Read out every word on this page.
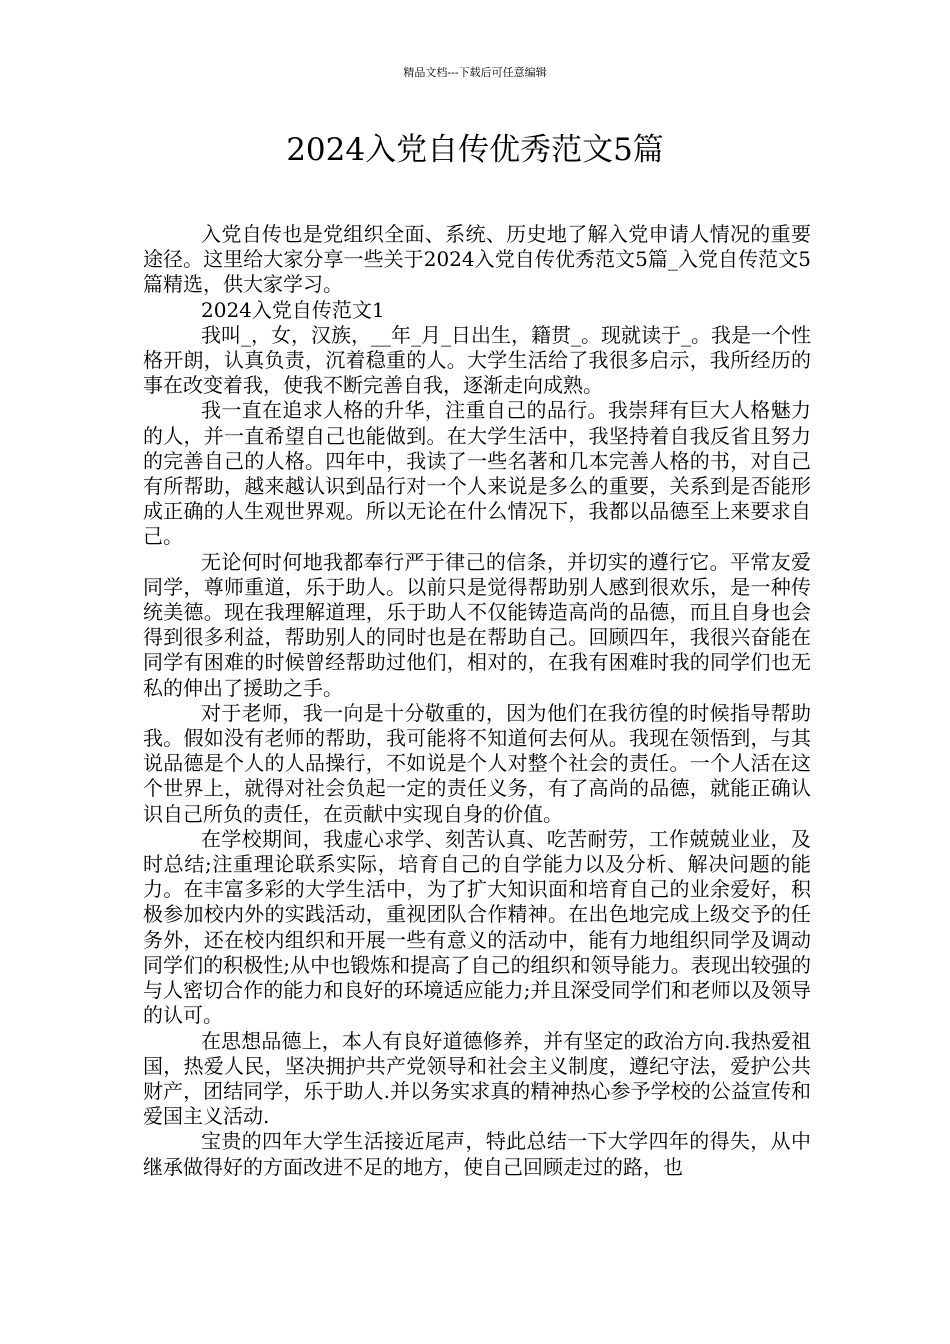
精品文档---下载后可任意编辑
2024入党自传优秀范文5篇

入党自传也是党组织全面、系统、历史地了解入党申请人情况的重要途径。这里给大家分享一些关于2024入党自传优秀范文5篇_入党自传范文5篇精选，供大家学习。

2024入党自传范文1

我叫_，女，汉族，__年_月_日出生，籍贯_。现就读于_。我是一个性格开朗，认真负责，沉着稳重的人。大学生活给了我很多启示，我所经历的事在改变着我，使我不断完善自我，逐渐走向成熟。

我一直在追求人格的升华，注重自己的品行。我崇拜有巨大人格魅力的人，并一直希望自己也能做到。在大学生活中，我坚持着自我反省且努力的完善自己的人格。四年中，我读了一些名著和几本完善人格的书，对自己有所帮助，越来越认识到品行对一个人来说是多么的重要，关系到是否能形成正确的人生观世界观。所以无论在什么情况下，我都以品德至上来要求自己。

无论何时何地我都奉行严于律己的信条，并切实的遵行它。平常友爱同学，尊师重道，乐于助人。以前只是觉得帮助别人感到很欢乐，是一种传统美德。现在我理解道理，乐于助人不仅能铸造高尚的品德，而且自身也会得到很多利益，帮助别人的同时也是在帮助自己。回顾四年，我很兴奋能在同学有困难的时候曾经帮助过他们，相对的，在我有困难时我的同学们也无私的伸出了援助之手。

对于老师，我一向是十分敬重的，因为他们在我彷徨的时候指导帮助我。假如没有老师的帮助，我可能将不知道何去何从。我现在领悟到，与其说品德是个人的人品操行，不如说是个人对整个社会的责任。一个人活在这个世界上，就得对社会负起一定的责任义务，有了高尚的品德，就能正确认识自己所负的责任，在贡献中实现自身的价值。

在学校期间，我虚心求学、刻苦认真、吃苦耐劳，工作兢兢业业，及时总结;注重理论联系实际，培育自己的自学能力以及分析、解决问题的能力。在丰富多彩的大学生活中，为了扩大知识面和培育自己的业余爱好，积极参加校内外的实践活动，重视团队合作精神。在出色地完成上级交予的任务外，还在校内组织和开展一些有意义的活动中，能有力地组织同学及调动同学们的积极性;从中也锻炼和提高了自己的组织和领导能力。表现出较强的与人密切合作的能力和良好的环境适应能力;并且深受同学们和老师以及领导的认可。

在思想品德上，本人有良好道德修养，并有坚定的政治方向.我热爱祖国，热爱人民，坚决拥护共产党领导和社会主义制度，遵纪守法，爱护公共财产，团结同学，乐于助人.并以务实求真的精神热心参予学校的公益宣传和爱国主义活动.

宝贵的四年大学生活接近尾声，特此总结一下大学四年的得失，从中继承做得好的方面改进不足的地方，使自己回顾走过的路，也
